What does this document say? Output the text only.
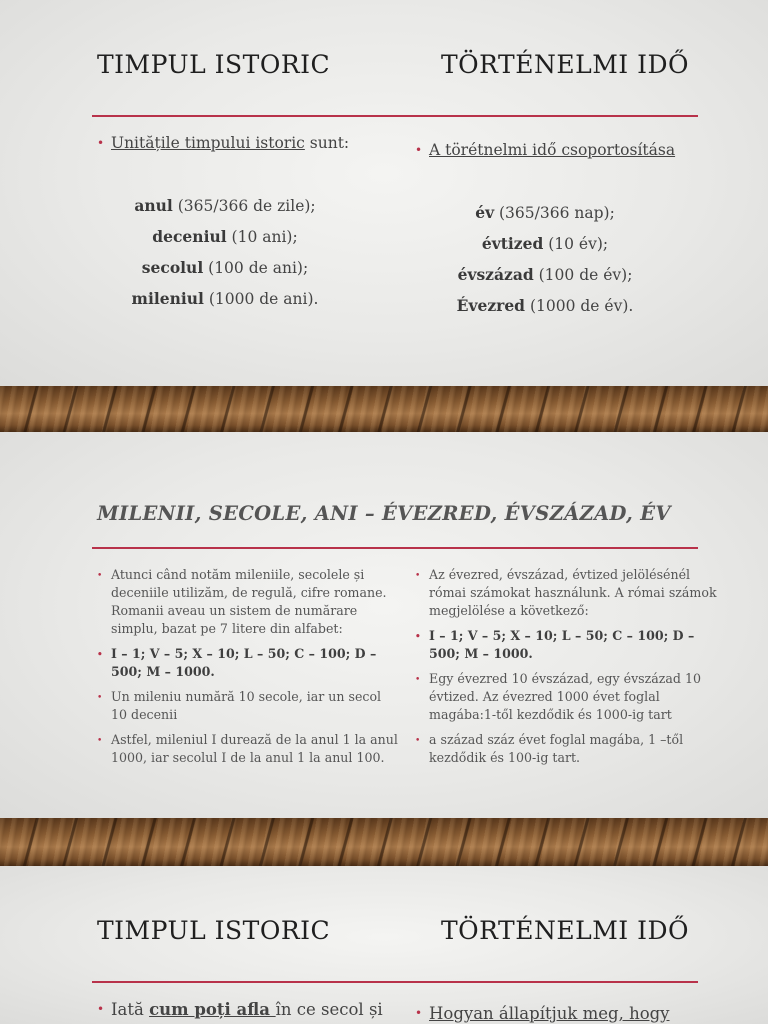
TIMPUL ISTORIC	TÖRTÉNELMI IDŐ
• Unitățile timpului istoric sunt:
anul (365/366 de zile);
deceniul (10 ani);
secolul (100 de ani);
mileniul (1000 de ani).
• A törétnelmi idő csoportosítása
év (365/366 nap);
évtized (10 év);
évszázad (100 de év);
Évezred (1000 de év).
MILENII, SECOLE, ANI – ÉVEZRED, ÉVSZÁZAD, ÉV
• Atunci când notăm mileniile, secolele și deceniile utilizăm, de regulă, cifre romane. Romanii aveau un sistem de numărare simplu, bazat pe 7 litere din alfabet:
• I – 1; V – 5; X – 10; L – 50; C – 100; D – 500; M – 1000.
• Un mileniu numără 10 secole, iar un secol 10 decenii
• Astfel, mileniul I durează de la anul 1 la anul 1000, iar secolul I de la anul 1 la anul 100.
• Az évezred, évszázad, évtized jelölésénél római számokat használunk. A római számok megjelölése a következő:
• I – 1; V – 5; X – 10; L – 50; C – 100; D – 500; M – 1000.
• Egy évezred 10 évszázad, egy évszázad 10 évtized. Az évezred 1000 évet foglal magába:1-től kezdődik és 1000-ig tart
• a század száz évet foglal magába, 1 –től kezdődik és 100-ig tart.
TIMPUL ISTORIC	TÖRTÉNELMI IDŐ
• Iată cum poți afla în ce secol și	• Hogyan állapítjuk meg, hogy
